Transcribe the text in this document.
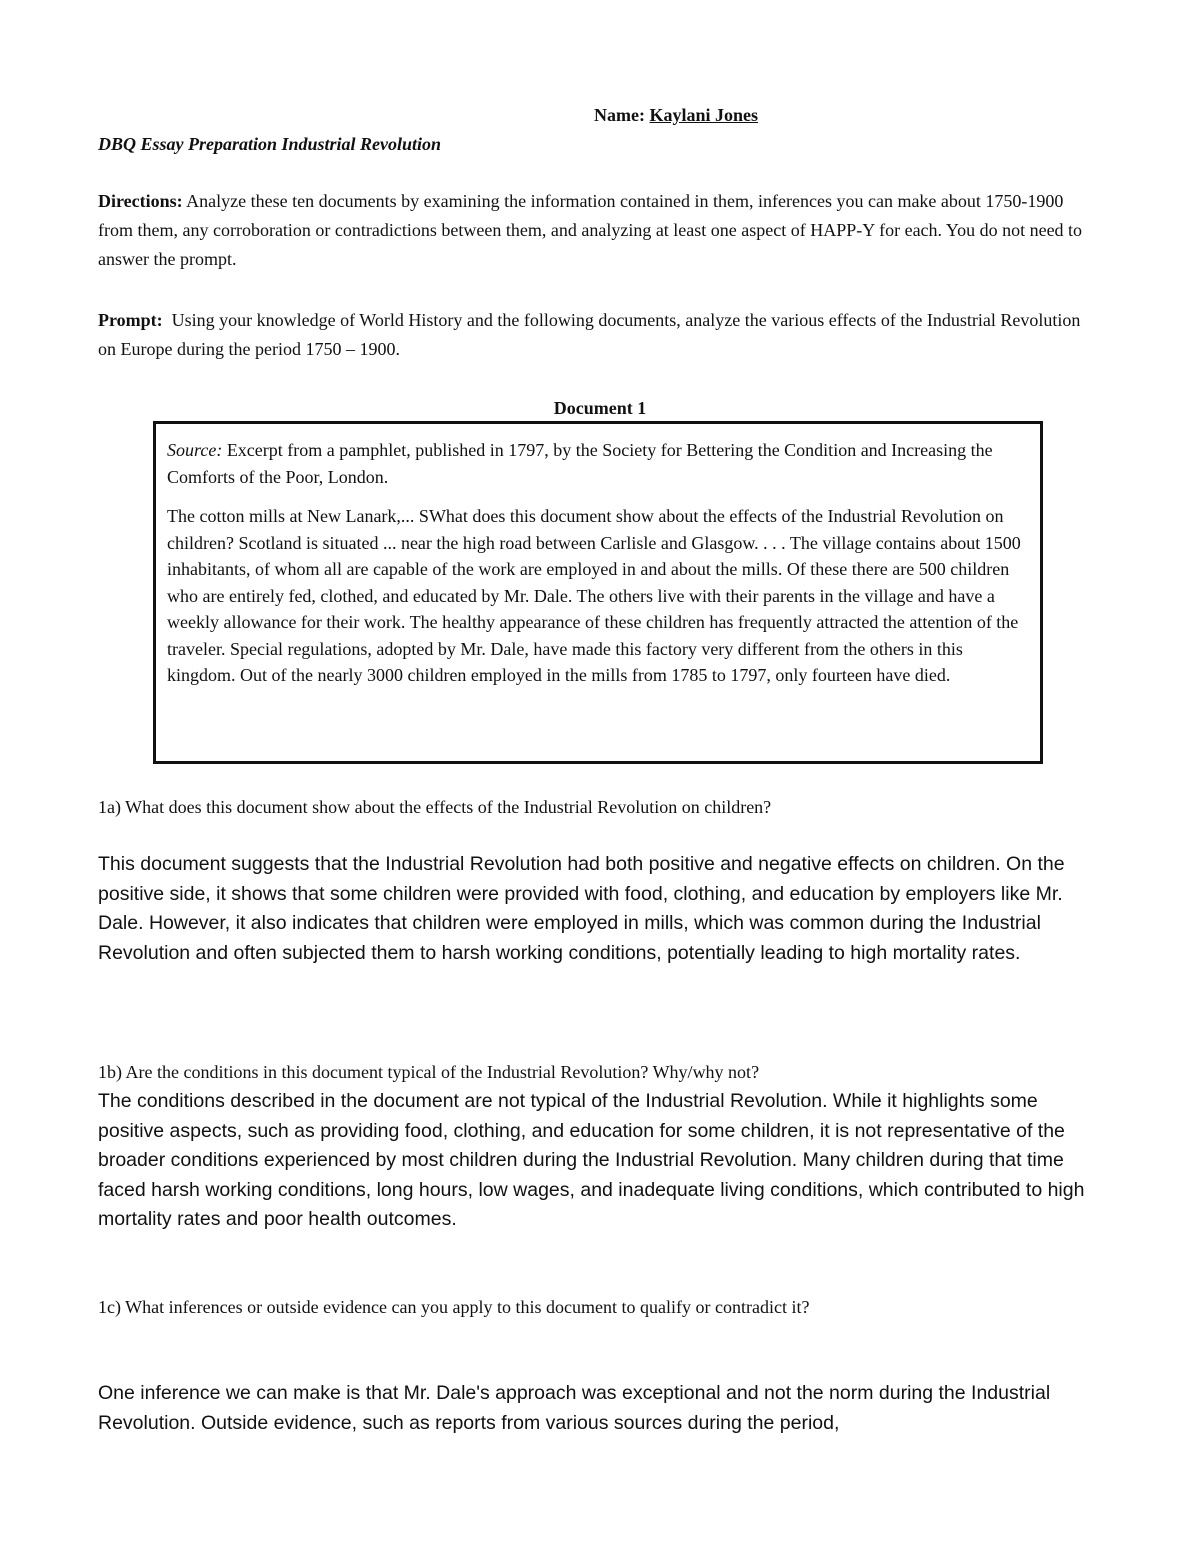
Name: Kaylani Jones
DBQ Essay Preparation Industrial Revolution
Directions: Analyze these ten documents by examining the information contained in them, inferences you can make about 1750-1900 from them, any corroboration or contradictions between them, and analyzing at least one aspect of HAPP-Y for each. You do not need to answer the prompt.
Prompt: Using your knowledge of World History and the following documents, analyze the various effects of the Industrial Revolution on Europe during the period 1750 – 1900.
Document 1

Source: Excerpt from a pamphlet, published in 1797, by the Society for Bettering the Condition and Increasing the Comforts of the Poor, London.

The cotton mills at New Lanark,... SWhat does this document show about the effects of the Industrial Revolution on children? Scotland is situated ... near the high road between Carlisle and Glasgow. . . . The village contains about 1500 inhabitants, of whom all are capable of the work are employed in and about the mills. Of these there are 500 children who are entirely fed, clothed, and educated by Mr. Dale. The others live with their parents in the village and have a weekly allowance for their work. The healthy appearance of these children has frequently attracted the attention of the traveler. Special regulations, adopted by Mr. Dale, have made this factory very different from the others in this kingdom. Out of the nearly 3000 children employed in the mills from 1785 to 1797, only fourteen have died.

1a) What does this document show about the effects of the Industrial Revolution on children?
This document suggests that the Industrial Revolution had both positive and negative effects on children. On the positive side, it shows that some children were provided with food, clothing, and education by employers like Mr. Dale. However, it also indicates that children were employed in mills, which was common during the Industrial Revolution and often subjected them to harsh working conditions, potentially leading to high mortality rates.
1b) Are the conditions in this document typical of the Industrial Revolution? Why/why not?
The conditions described in the document are not typical of the Industrial Revolution. While it highlights some positive aspects, such as providing food, clothing, and education for some children, it is not representative of the broader conditions experienced by most children during the Industrial Revolution. Many children during that time faced harsh working conditions, long hours, low wages, and inadequate living conditions, which contributed to high mortality rates and poor health outcomes.
1c) What inferences or outside evidence can you apply to this document to qualify or contradict it?
One inference we can make is that Mr. Dale's approach was exceptional and not the norm during the Industrial Revolution. Outside evidence, such as reports from various sources during the period,
